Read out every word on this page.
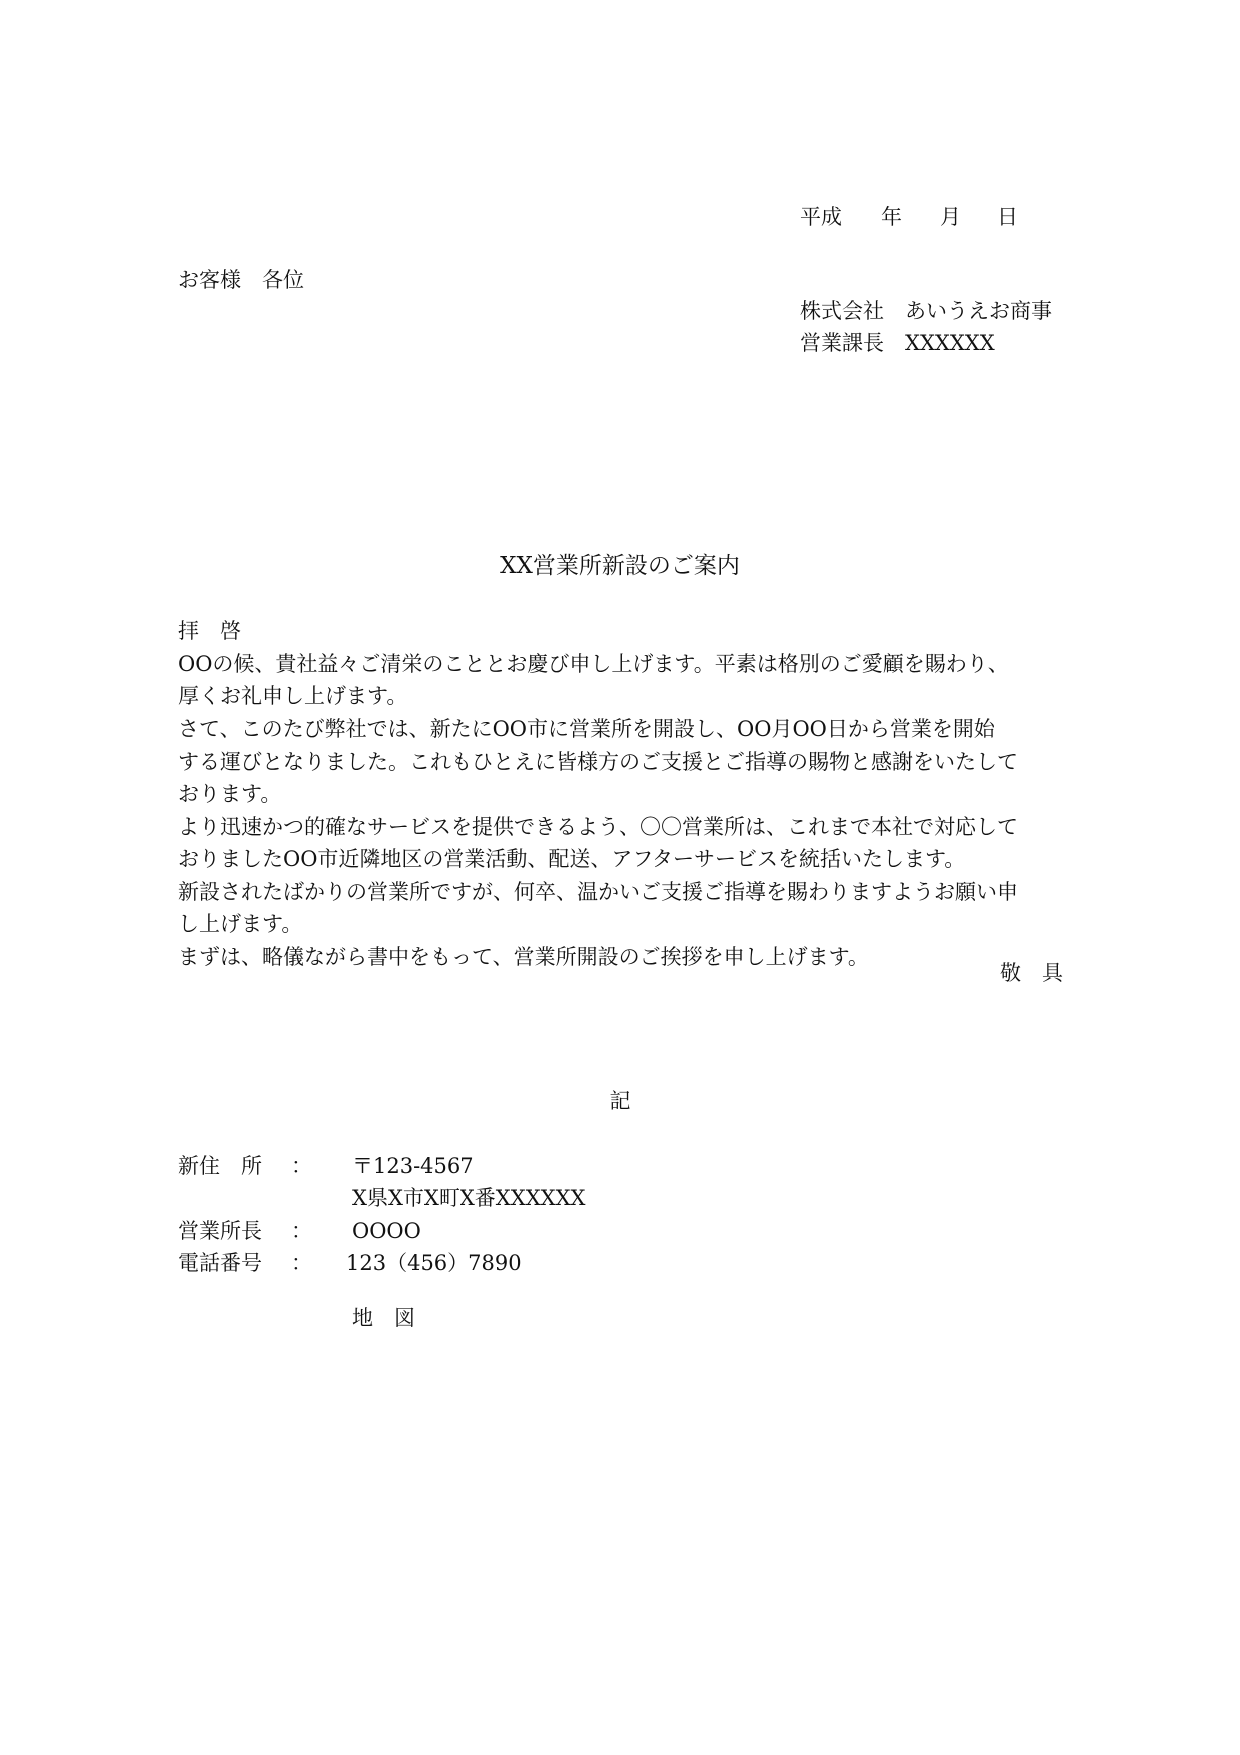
平成 年 月 日
お客様　各位
株式会社　あいうえお商事
営業課長　XXXXXX
XX営業所新設のご案内
拝　啓
OOの候、貴社益々ご清栄のこととお慶び申し上げます。平素は格別のご愛顧を賜わり、
厚くお礼申し上げます。
さて、このたび弊社では、新たにOO市に営業所を開設し、OO月OO日から営業を開始
する運びとなりました。これもひとえに皆様方のご支援とご指導の賜物と感謝をいたして
おります。
より迅速かつ的確なサービスを提供できるよう、〇〇営業所は、これまで本社で対応して
おりましたOO市近隣地区の営業活動、配送、アフターサービスを統括いたします。
新設されたばかりの営業所ですが、何卒、温かいご支援ご指導を賜わりますようお願い申
し上げます。
まずは、略儀ながら書中をもって、営業所開設のご挨拶を申し上げます。
敬　具
記
新住　所 ： 〒123-4567
X県X市X町X番XXXXXX
営業所長 ： OOOO
電話番号 ： 123（456）7890
地　図
